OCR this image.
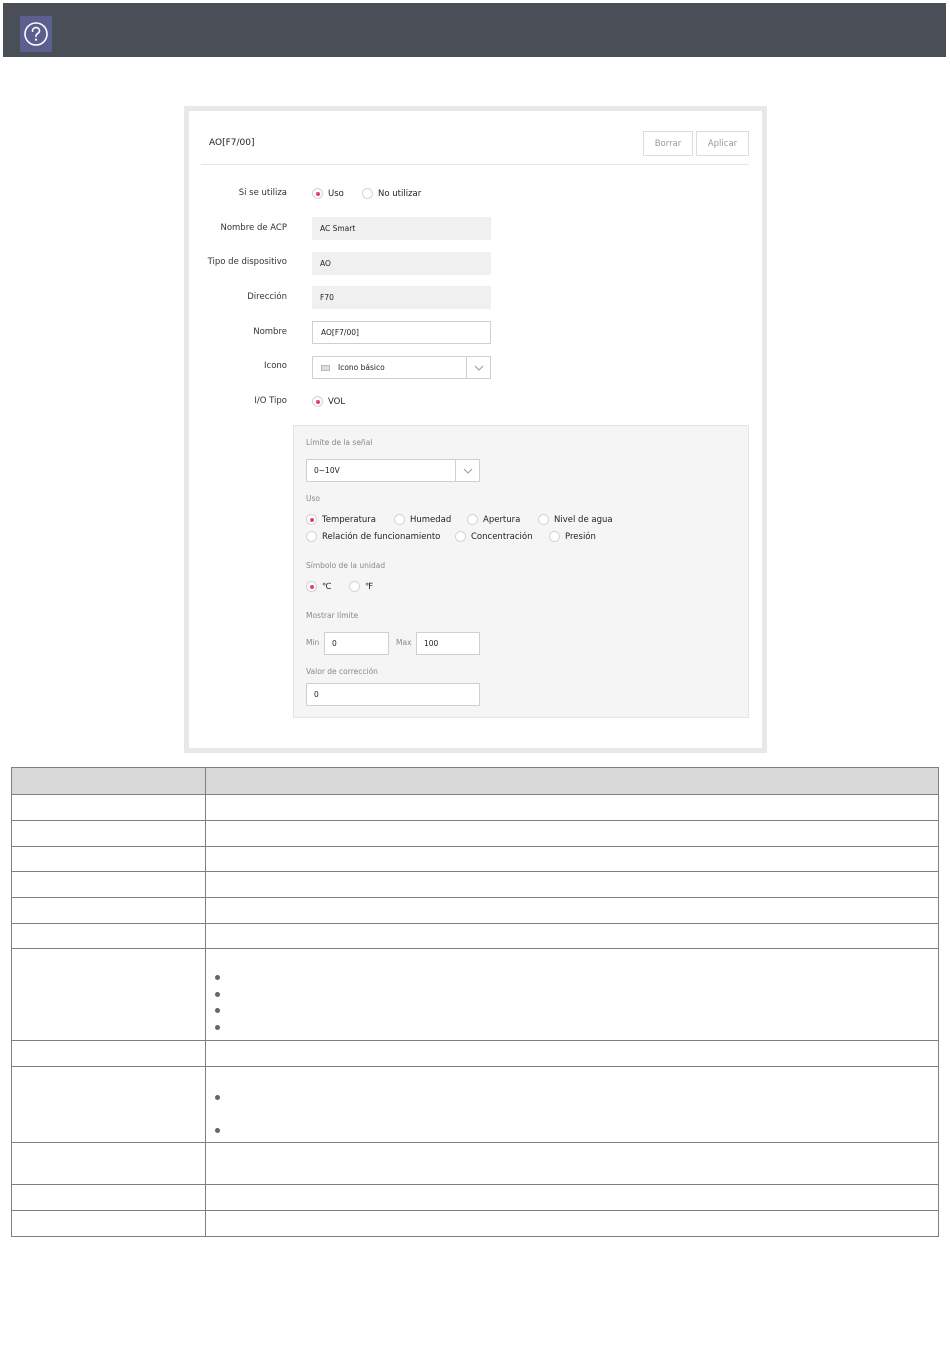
AO[F7/00]	Borrar	Aplicar
Si se utiliza	Uso	No utilizar
Nombre de ACP	AC Smart
Tipo de dispositivo	AO
Dirección	F70
Nombre	AO[F7/00]
Icono	Icono básico
I/O Tipo	VOL
Límite de la señal
0~10V
Uso
Temperatura	Humedad	Apertura	Nivel de agua
Relación de funcionamiento	Concentración	Presión
Símbolo de la unidad
℃	℉
Mostrar límite
Min	0	Max	100
Valor de corrección
0
